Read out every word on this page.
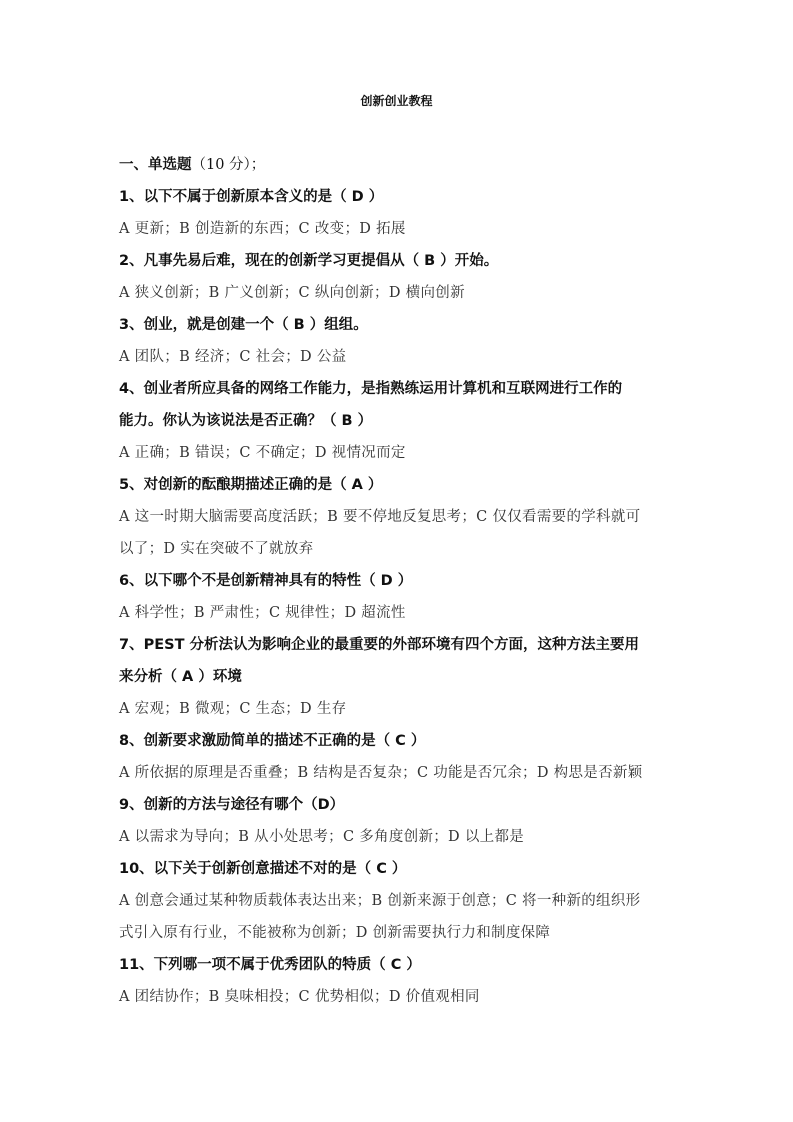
创新创业教程
一、单选题（10 分）；
1、以下不属于创新原本含义的是（ D ）
A 更新；B 创造新的东西；C 改变；D 拓展
2、凡事先易后难，现在的创新学习更提倡从（ B ）开始。
A 狭义创新；B 广义创新；C 纵向创新；D 横向创新
3、创业，就是创建一个（ B ）组组。
A 团队；B 经济；C 社会；D 公益
4、创业者所应具备的网络工作能力，是指熟练运用计算机和互联网进行工作的
能力。你认为该说法是否正确？（ B ）
A 正确；B 错误；C 不确定；D 视情况而定
5、对创新的酝酿期描述正确的是（ A ）
A 这一时期大脑需要高度活跃；B 要不停地反复思考；C 仅仅看需要的学科就可
以了；D 实在突破不了就放弃
6、以下哪个不是创新精神具有的特性（ D ）
A 科学性；B 严肃性；C 规律性；D 超流性
7、PEST 分析法认为影响企业的最重要的外部环境有四个方面，这种方法主要用
来分析（ A ）环境
A 宏观；B 微观；C 生态；D 生存
8、创新要求激励简单的描述不正确的是（ C ）
A 所依据的原理是否重叠；B 结构是否复杂；C 功能是否冗余；D 构思是否新颖
9、创新的方法与途径有哪个（D）
A 以需求为导向；B 从小处思考；C 多角度创新；D 以上都是
10、以下关于创新创意描述不对的是（ C ）
A 创意会通过某种物质载体表达出来；B 创新来源于创意；C 将一种新的组织形
式引入原有行业，不能被称为创新；D 创新需要执行力和制度保障
11、下列哪一项不属于优秀团队的特质（ C ）
A 团结协作；B 臭味相投；C 优势相似；D 价值观相同
